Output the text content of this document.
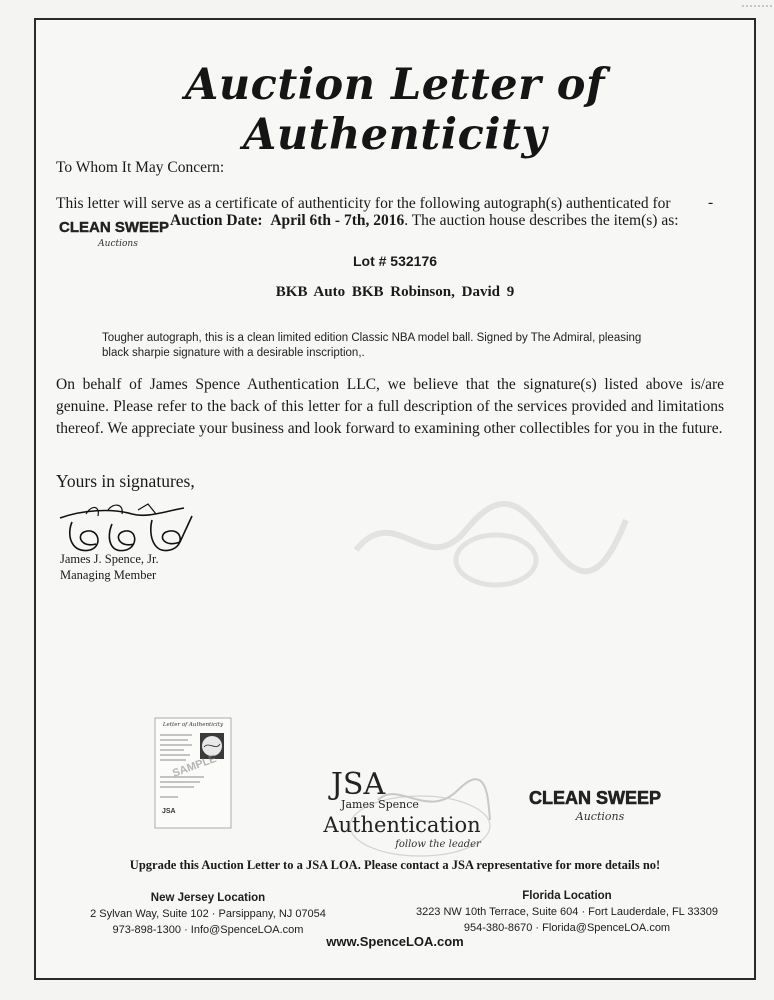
Auction Letter of Authenticity
To Whom It May Concern:
This letter will serve as a certificate of authenticity for the following autograph(s) authenticated for	-
CLEAN SWEEP
Auctions
Auction Date: April 6th - 7th, 2016. The auction house describes the item(s) as:
Lot # 532176
BKB Auto BKB Robinson, David 9
Tougher autograph, this is a clean limited edition Classic NBA model ball. Signed by The Admiral, pleasing
black sharpie signature with a desirable inscription,.
On behalf of James Spence Authentication LLC, we believe that the signature(s) listed above is/are genuine. Please refer to the back of this letter for a full description of the services provided and limitations thereof. We appreciate your business and look forward to examining other collectibles for you in the future.
Yours in signatures,
James J. Spence, Jr.
Managing Member
Letter of Authenticity
SAMPLE
JSA
JSA
James Spence
Authentication
follow the leader
CLEAN SWEEP
Auctions
Upgrade this Auction Letter to a JSA LOA. Please contact a JSA representative for more details no!
New Jersey Location
2 Sylvan Way, Suite 102 · Parsippany, NJ 07054
973-898-1300 · Info@SpenceLOA.com
Florida Location
3223 NW 10th Terrace, Suite 604 · Fort Lauderdale, FL 33309
954-380-8670 · Florida@SpenceLOA.com
www.SpenceLOA.com
